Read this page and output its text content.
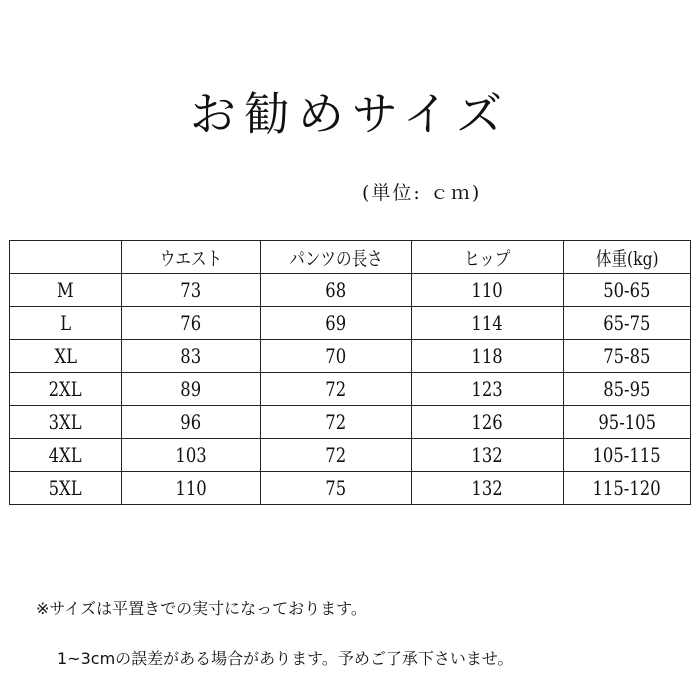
お勧めサイズ
(単位: ｃｍ)
	ウエスト	パンツの長さ	ヒップ	体重(kg)
M	73	68	110	50-65
L	76	69	114	65-75
XL	83	70	118	75-85
2XL	89	72	123	85-95
3XL	96	72	126	95-105
4XL	103	72	132	105-115
5XL	110	75	132	115-120
※サイズは平置きでの実寸になっております。
1~3cmの誤差がある場合があります。予めご了承下さいませ。
